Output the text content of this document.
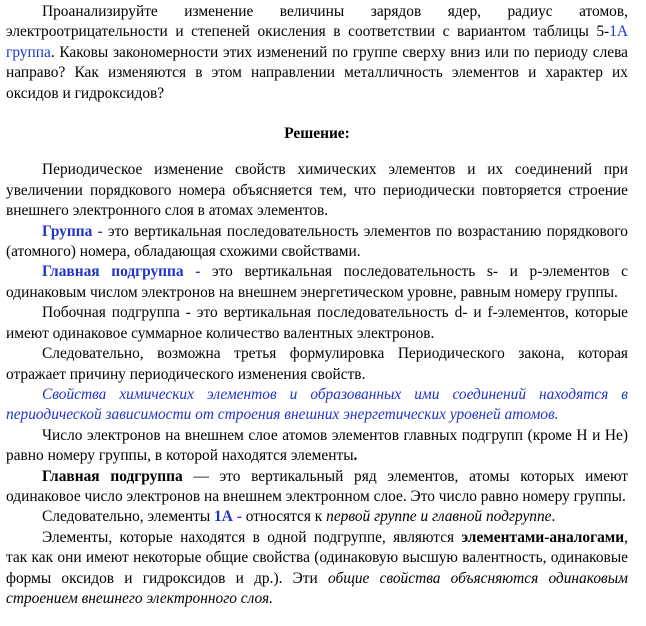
Проанализируйте изменение величины зарядов ядер, радиус атомов, электроотрицательности и степеней окисления в соответствии с вариантом таблицы 5-1А группа. Каковы закономерности этих изменений по группе сверху вниз или по периоду слева направо? Как изменяются в этом направлении металличность элементов и характер их оксидов и гидроксидов?

Решение:

Периодическое изменение свойств химических элементов и их соединений при увеличении порядкового номера объясняется тем, что периодически повторяется строение внешнего электронного слоя в атомах элементов.

Группа - это вертикальная последовательность элементов по возрастанию порядкового (атомного) номера, обладающая схожими свойствами.

Главная подгруппа - это вертикальная последовательность s- и p-элементов с одинаковым числом электронов на внешнем энергетическом уровне, равным номеру группы.

Побочная подгруппа - это вертикальная последовательность d- и f-элементов, которые имеют одинаковое суммарное количество валентных электронов.

Следовательно, возможна третья формулировка Периодического закона, которая отражает причину периодического изменения свойств.

Свойства химических элементов и образованных ими соединений находятся в периодической зависимости от строения внешних энергетических уровней атомов.

Число электронов на внешнем слое атомов элементов главных подгрупп (кроме H и He) равно номеру группы, в которой находятся элементы.

Главная подгруппа — это вертикальный ряд элементов, атомы которых имеют одинаковое число электронов на внешнем электронном слое. Это число равно номеру группы.

Следовательно, элементы 1А - относятся к первой группе и главной подгруппе.

Элементы, которые находятся в одной подгруппе, являются элементами-аналогами, так как они имеют некоторые общие свойства (одинаковую высшую валентность, одинаковые формы оксидов и гидроксидов и др.). Эти общие свойства объясняются одинаковым строением внешнего электронного слоя.
